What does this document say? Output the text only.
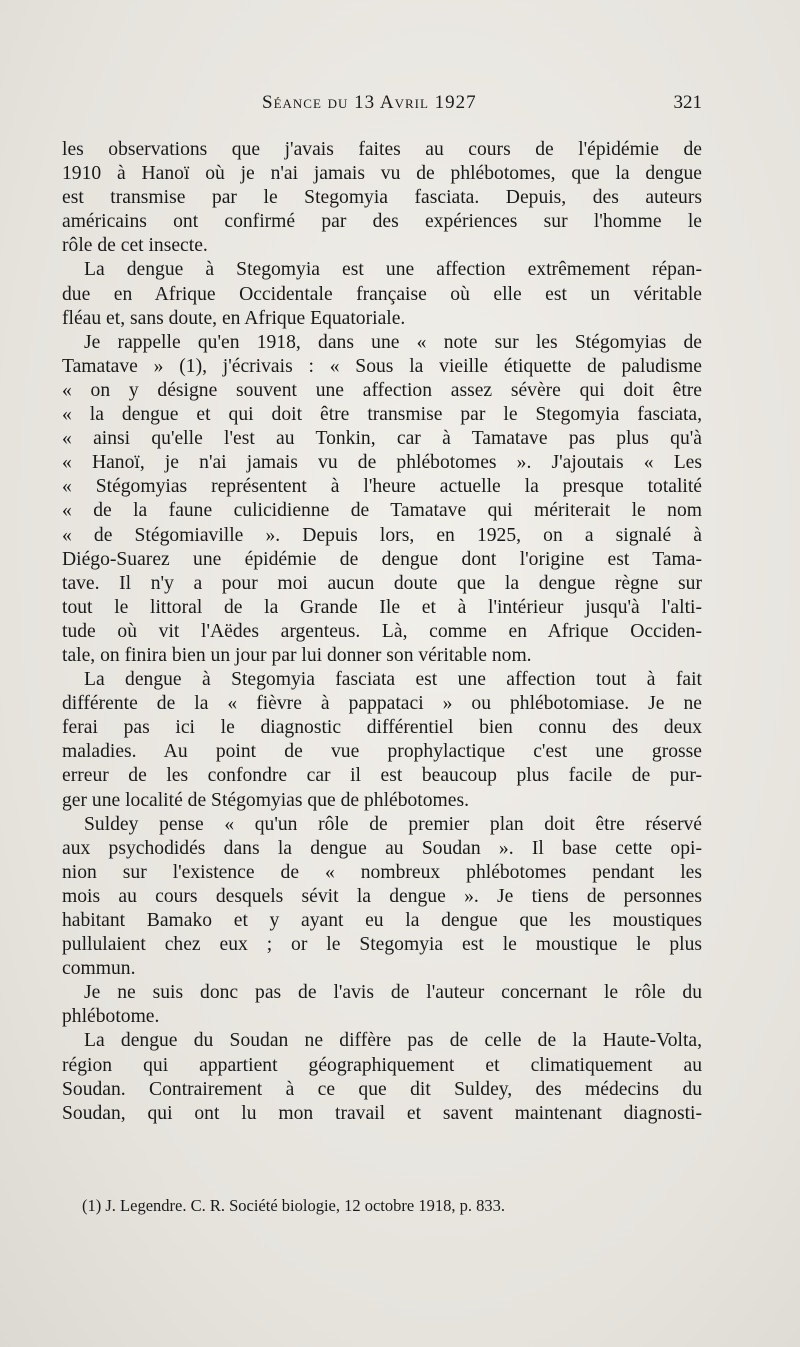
Séance du 13 Avril 1927	321
les observations que j'avais faites au cours de l'épidémie de
1910 à Hanoï où je n'ai jamais vu de phlébotomes, que la dengue
est transmise par le Stegomyia fasciata. Depuis, des auteurs
américains ont confirmé par des expériences sur l'homme le
rôle de cet insecte.
La dengue à Stegomyia est une affection extrêmement répan-
due en Afrique Occidentale française où elle est un véritable
fléau et, sans doute, en Afrique Equatoriale.
Je rappelle qu'en 1918, dans une « note sur les Stégomyias de
Tamatave » (1), j'écrivais : « Sous la vieille étiquette de paludisme
« on y désigne souvent une affection assez sévère qui doit être
« la dengue et qui doit être transmise par le Stegomyia fasciata,
« ainsi qu'elle l'est au Tonkin, car à Tamatave pas plus qu'à
« Hanoï, je n'ai jamais vu de phlébotomes ». J'ajoutais « Les
« Stégomyias représentent à l'heure actuelle la presque totalité
« de la faune culicidienne de Tamatave qui mériterait le nom
« de Stégomiaville ». Depuis lors, en 1925, on a signalé à
Diégo-Suarez une épidémie de dengue dont l'origine est Tama-
tave. Il n'y a pour moi aucun doute que la dengue règne sur
tout le littoral de la Grande Ile et à l'intérieur jusqu'à l'alti-
tude où vit l'Aëdes argenteus. Là, comme en Afrique Occiden-
tale, on finira bien un jour par lui donner son véritable nom.
La dengue à Stegomyia fasciata est une affection tout à fait
différente de la « fièvre à pappataci » ou phlébotomiase. Je ne
ferai pas ici le diagnostic différentiel bien connu des deux
maladies. Au point de vue prophylactique c'est une grosse
erreur de les confondre car il est beaucoup plus facile de pur-
ger une localité de Stégomyias que de phlébotomes.
Suldey pense « qu'un rôle de premier plan doit être réservé
aux psychodidés dans la dengue au Soudan ». Il base cette opi-
nion sur l'existence de « nombreux phlébotomes pendant les
mois au cours desquels sévit la dengue ». Je tiens de personnes
habitant Bamako et y ayant eu la dengue que les moustiques
pullulaient chez eux ; or le Stegomyia est le moustique le plus
commun.
Je ne suis donc pas de l'avis de l'auteur concernant le rôle du
phlébotome.
La dengue du Soudan ne diffère pas de celle de la Haute-Volta,
région qui appartient géographiquement et climatiquement au
Soudan. Contrairement à ce que dit Suldey, des médecins du
Soudan, qui ont lu mon travail et savent maintenant diagnosti-
(1) J. Legendre. C. R. Société biologie, 12 octobre 1918, p. 833.
